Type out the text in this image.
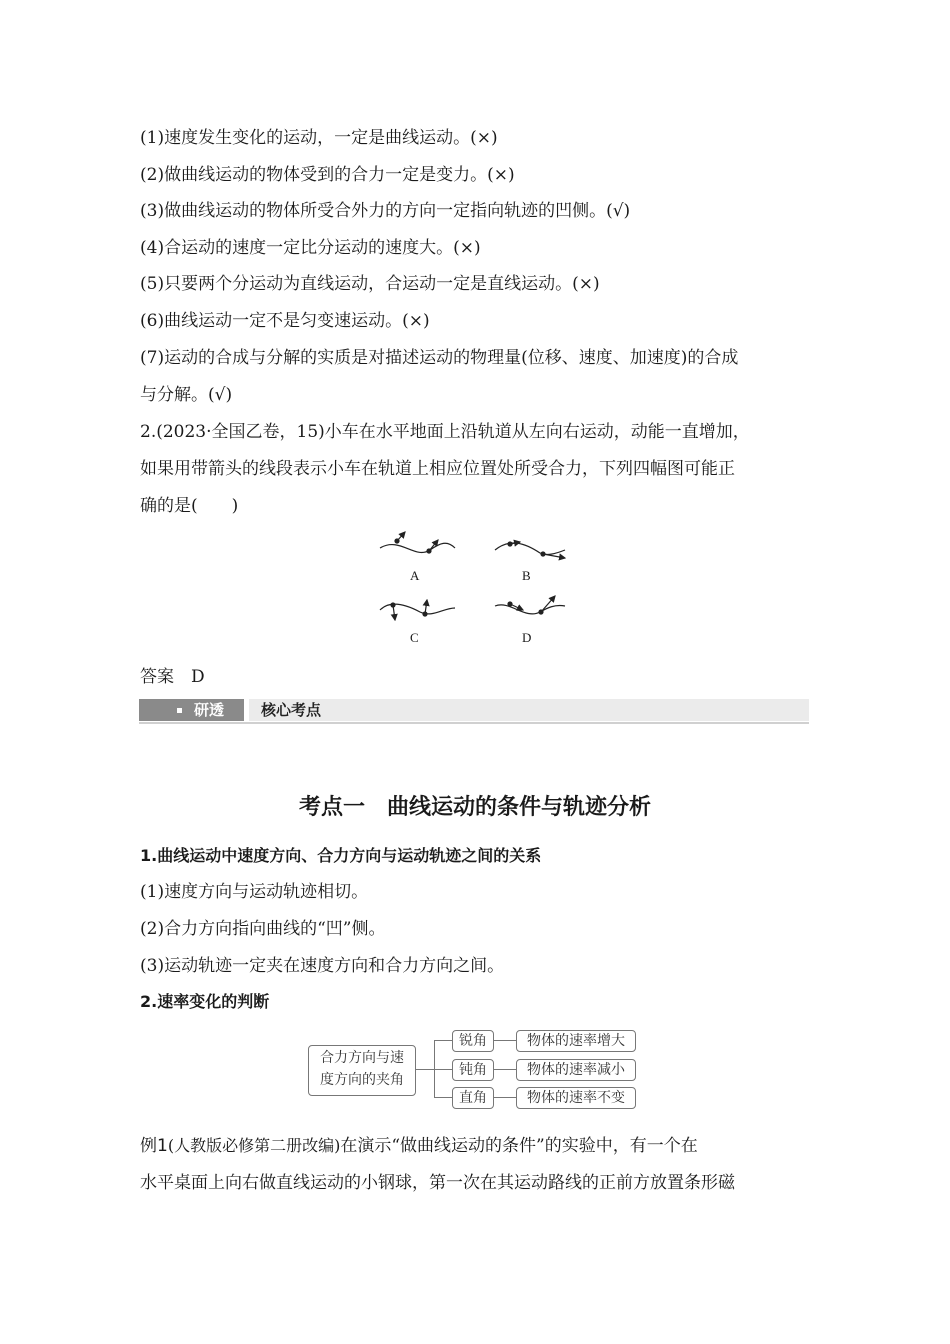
(1)速度发生变化的运动，一定是曲线运动。(×)
(2)做曲线运动的物体受到的合力一定是变力。(×)
(3)做曲线运动的物体所受合外力的方向一定指向轨迹的凹侧。(√)
(4)合运动的速度一定比分运动的速度大。(×)
(5)只要两个分运动为直线运动，合运动一定是直线运动。(×)
(6)曲线运动一定不是匀变速运动。(×)
(7)运动的合成与分解的实质是对描述运动的物理量(位移、速度、加速度)的合成
与分解。(√)
2.(2023·全国乙卷，15)小车在水平地面上沿轨道从左向右运动，动能一直增加，
如果用带箭头的线段表示小车在轨道上相应位置处所受合力，下列四幅图可能正
确的是(　　)
A	B
C	D
答案　D
研透 核心考点
考点一　曲线运动的条件与轨迹分析
1.曲线运动中速度方向、合力方向与运动轨迹之间的关系
(1)速度方向与运动轨迹相切。
(2)合力方向指向曲线的“凹”侧。
(3)运动轨迹一定夹在速度方向和合力方向之间。
2.速率变化的判断
合力方向与速
度方向的夹角
锐角
钝角
直角
物体的速率增大
物体的速率减小
物体的速率不变
例1(人教版必修第二册改编)在演示“做曲线运动的条件”的实验中，有一个在
水平桌面上向右做直线运动的小钢球，第一次在其运动路线的正前方放置条形磁
